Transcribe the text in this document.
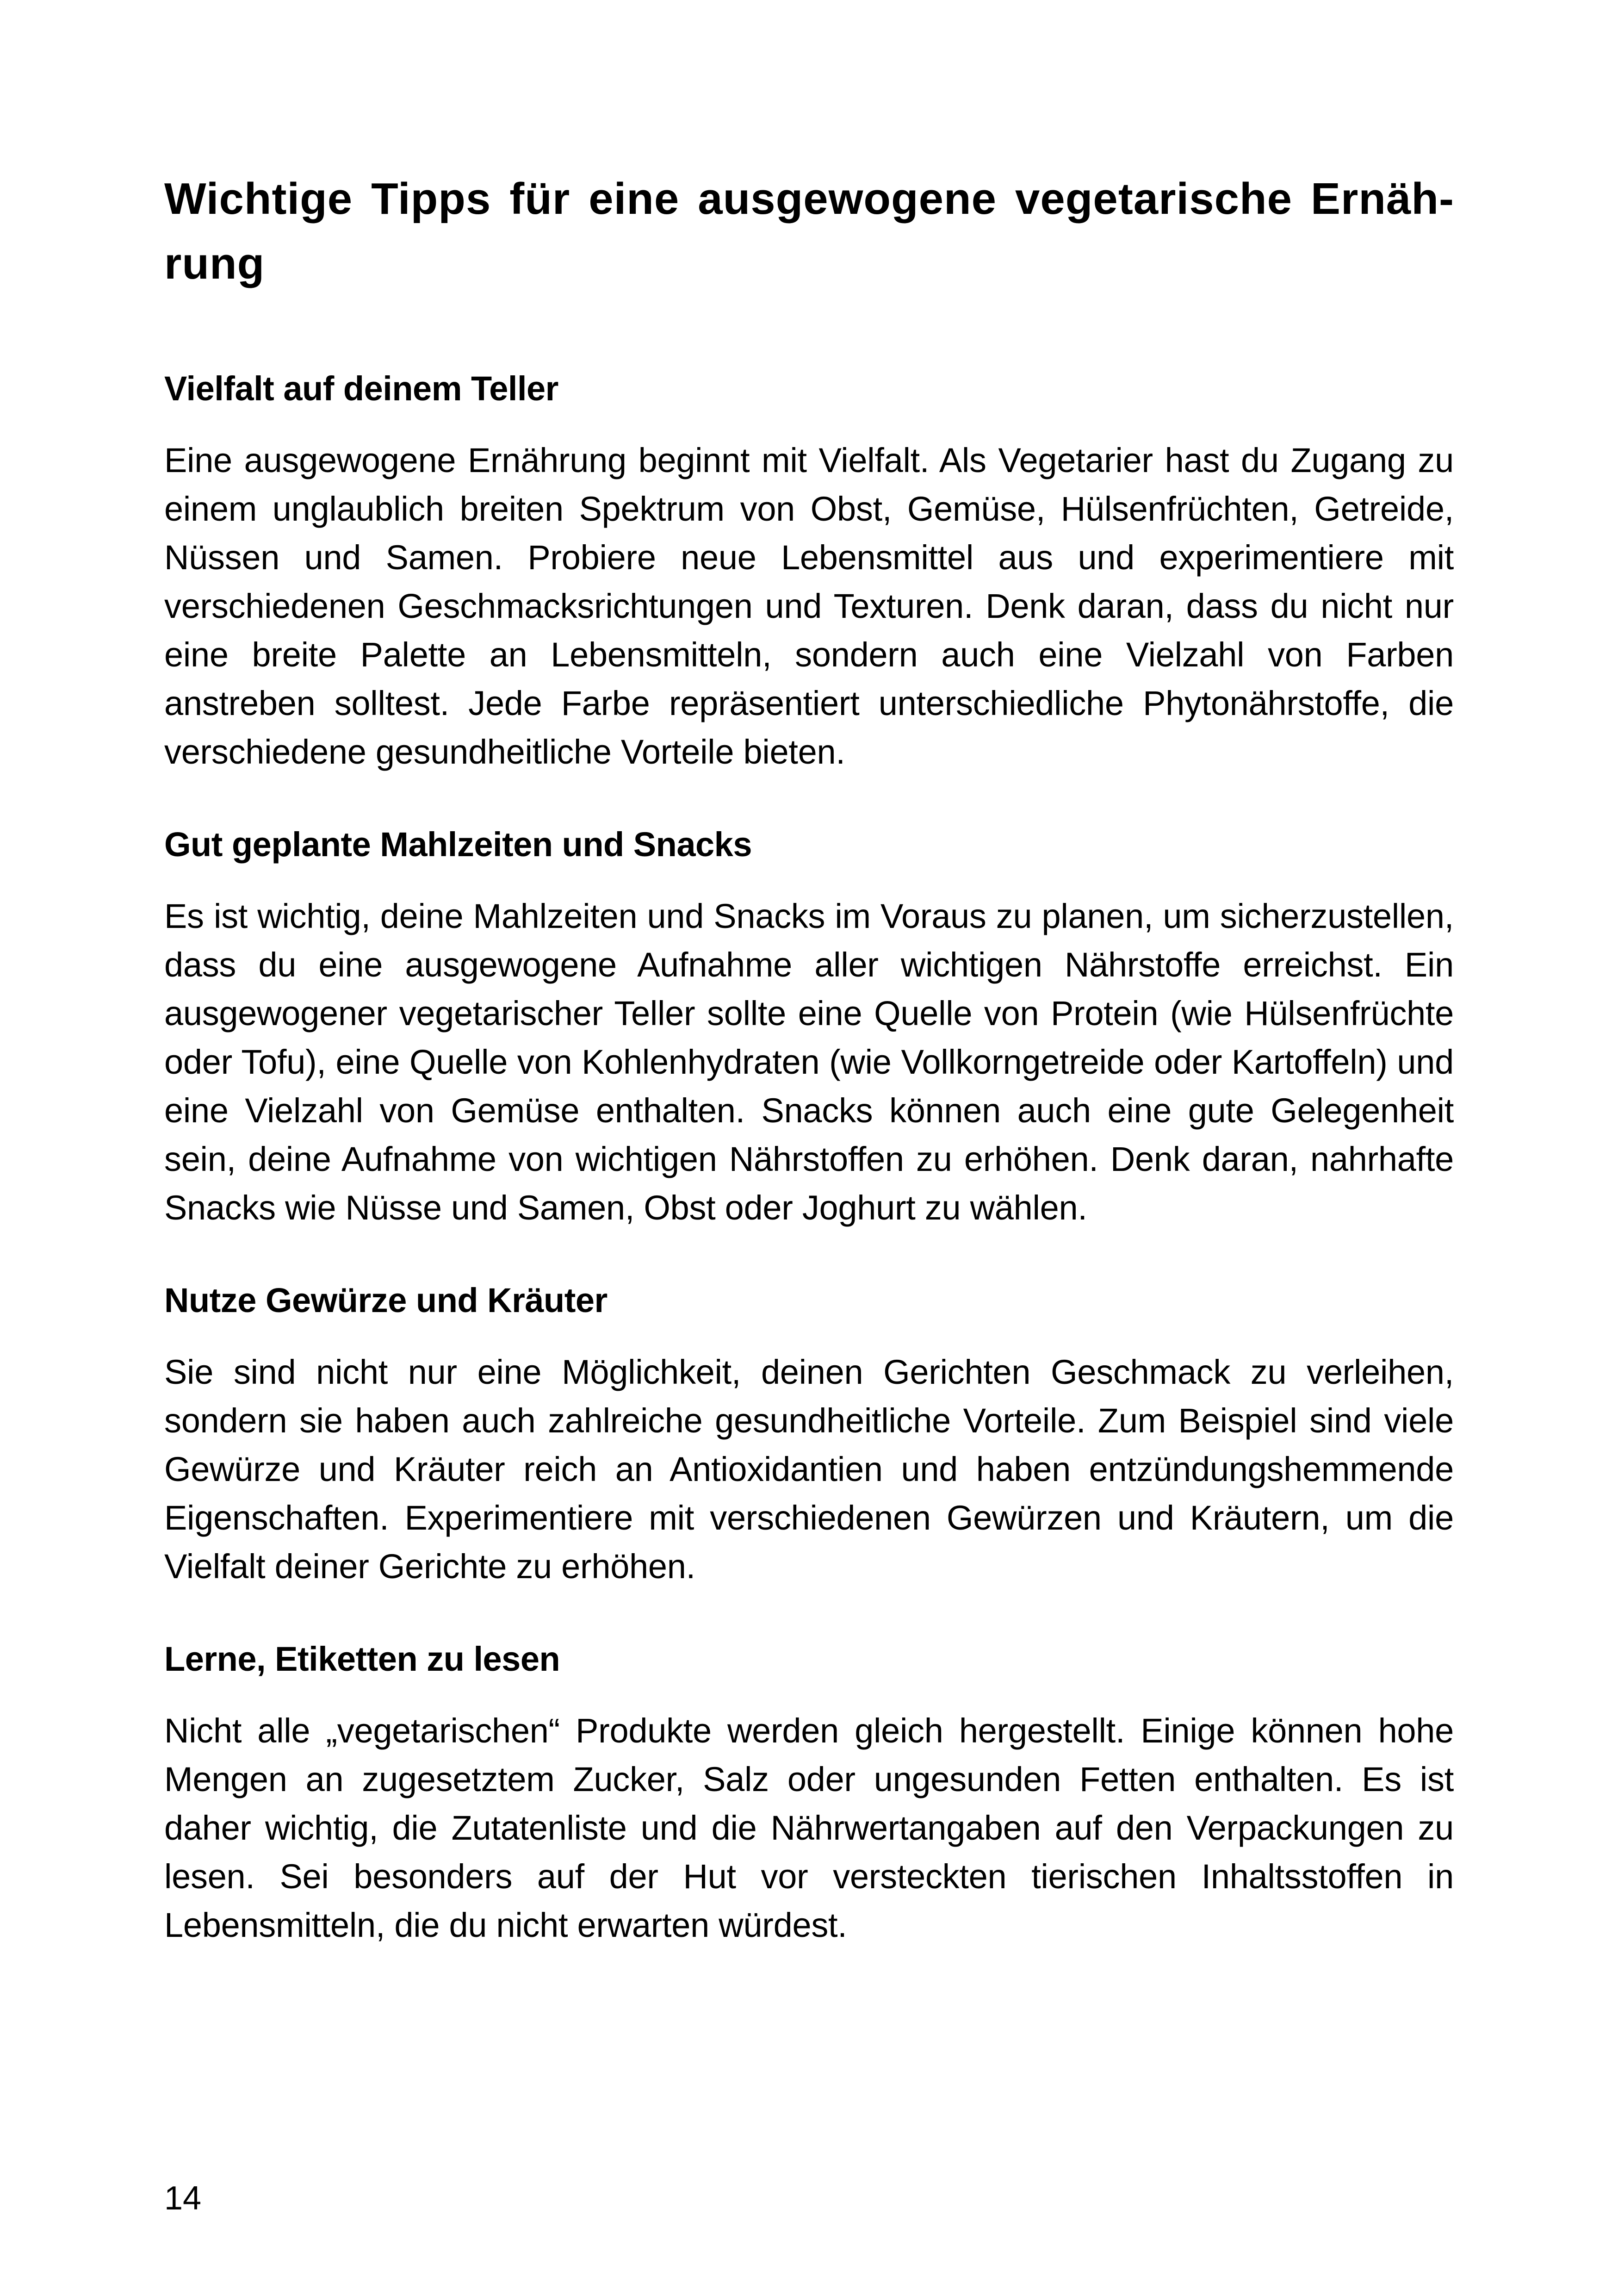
Wichtige Tipps für eine ausgewogene vegetarische Ernährung
Vielfalt auf deinem Teller

Eine ausgewogene Ernährung beginnt mit Vielfalt. Als Vegetarier hast du Zugang zu einem unglaublich breiten Spektrum von Obst, Gemüse, Hülsenfrüchten, Getreide, Nüssen und Samen. Probiere neue Lebensmittel aus und experimentiere mit verschiedenen Geschmacksrichtungen und Texturen. Denk daran, dass du nicht nur eine breite Palette an Lebensmitteln, sondern auch eine Vielzahl von Farben anstreben solltest. Jede Farbe repräsentiert unterschiedliche Phytonährstoffe, die verschiedene gesundheitliche Vorteile bieten.

Gut geplante Mahlzeiten und Snacks

Es ist wichtig, deine Mahlzeiten und Snacks im Voraus zu planen, um sicherzustellen, dass du eine ausgewogene Aufnahme aller wichtigen Nährstoffe erreichst. Ein ausgewogener vegetarischer Teller sollte eine Quelle von Protein (wie Hülsenfrüchte oder Tofu), eine Quelle von Kohlenhydraten (wie Vollkorngetreide oder Kartoffeln) und eine Vielzahl von Gemüse enthalten. Snacks können auch eine gute Gelegenheit sein, deine Aufnahme von wichtigen Nährstoffen zu erhöhen. Denk daran, nahrhafte Snacks wie Nüsse und Samen, Obst oder Joghurt zu wählen.

Nutze Gewürze und Kräuter

Sie sind nicht nur eine Möglichkeit, deinen Gerichten Geschmack zu verleihen, sondern sie haben auch zahlreiche gesundheitliche Vorteile. Zum Beispiel sind viele Gewürze und Kräuter reich an Antioxidantien und haben entzündungshemmende Eigenschaften. Experimentiere mit verschiedenen Gewürzen und Kräutern, um die Vielfalt deiner Gerichte zu erhöhen.

Lerne, Etiketten zu lesen

Nicht alle „vegetarischen“ Produkte werden gleich hergestellt. Einige können hohe Mengen an zugesetztem Zucker, Salz oder ungesunden Fetten enthalten. Es ist daher wichtig, die Zutatenliste und die Nährwertangaben auf den Verpackungen zu lesen. Sei besonders auf der Hut vor versteckten tierischen Inhaltsstoffen in Lebensmitteln, die du nicht erwarten würdest.

14
